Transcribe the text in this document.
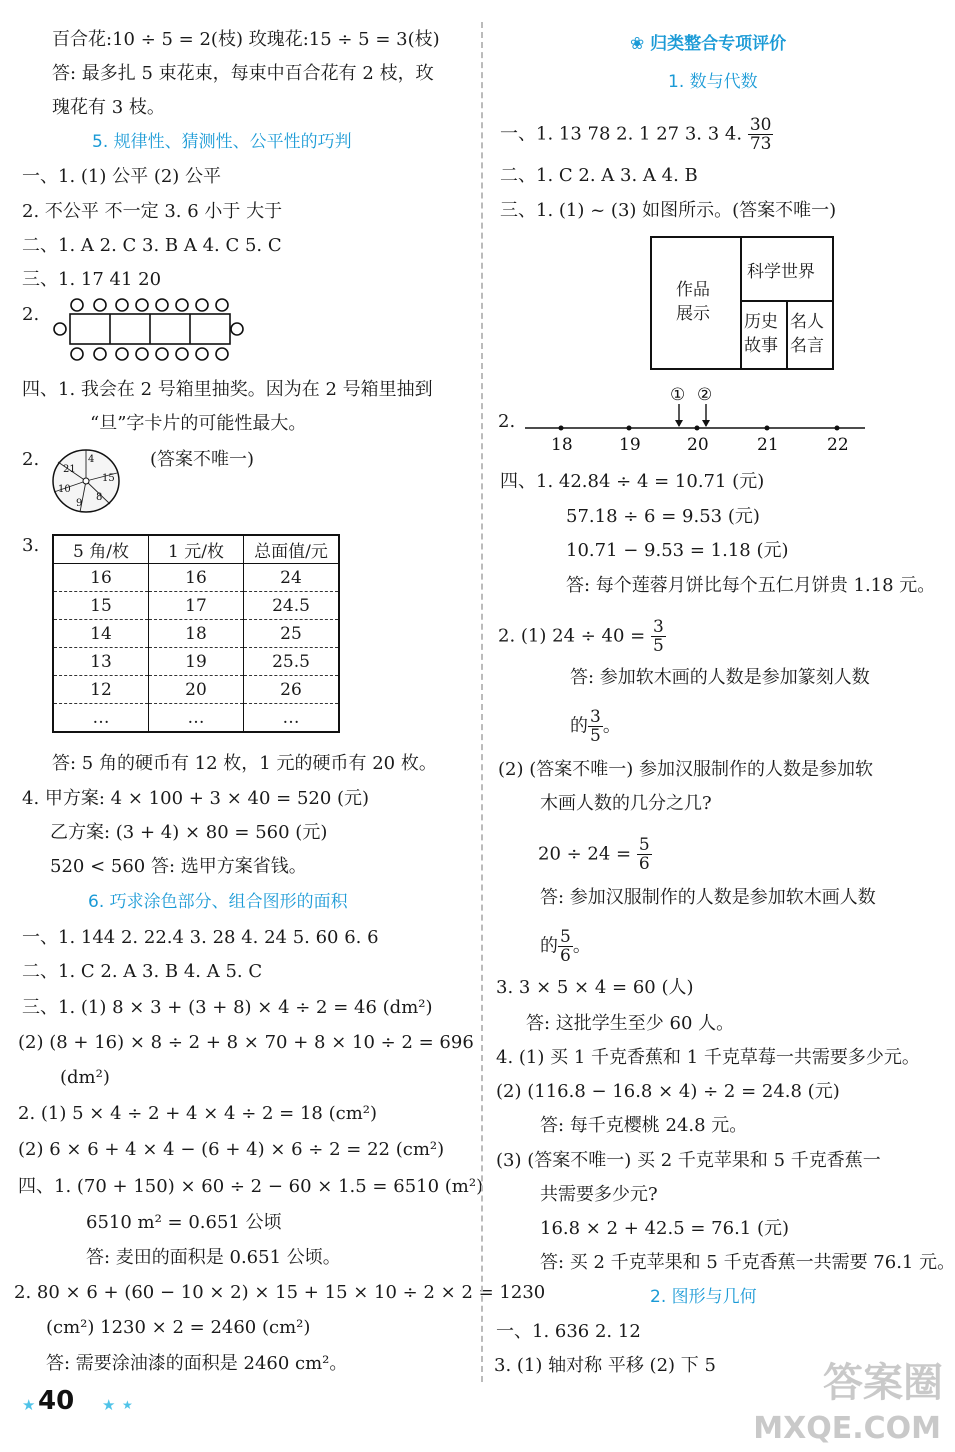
百合花:10 ÷ 5 = 2(枝) 玫瑰花:15 ÷ 5 = 3(枝)
答: 最多扎 5 束花束，每束中百合花有 2 枝，玫
瑰花有 3 枝。
5. 规律性、猜测性、公平性的巧判
一、1. (1) 公平 (2) 公平
2. 不公平 不一定 3. 6 小于 大于
二、1. A 2. C 3. B A 4. C 5. C
三、1. 17 41 20
2.
四、1. 我会在 2 号箱里抽奖。因为在 2 号箱里抽到
“旦”字卡片的可能性最大。
2.	(答案不唯一)
4
15
8
9
10
21
3. 5 角/枚	1 元/枚	总面值/元
16	16	24
15	17	24.5
14	18	25
13	19	25.5
12	20	26
…	…	…
答: 5 角的硬币有 12 枚，1 元的硬币有 20 枚。
4. 甲方案: 4 × 100 + 3 × 40 = 520 (元)
乙方案: (3 + 4) × 80 = 560 (元)
520 < 560 答: 选甲方案省钱。
6. 巧求涂色部分、组合图形的面积
一、1. 144 2. 22.4 3. 28 4. 24 5. 60 6. 6
二、1. C 2. A 3. B 4. A 5. C
三、1. (1) 8 × 3 + (3 + 8) × 4 ÷ 2 = 46 (dm²)
(2) (8 + 16) × 8 ÷ 2 + 8 × 70 + 8 × 10 ÷ 2 = 696
(dm²)
2. (1) 5 × 4 ÷ 2 + 4 × 4 ÷ 2 = 18 (cm²)
(2) 6 × 6 + 4 × 4 − (6 + 4) × 6 ÷ 2 = 22 (cm²)
四、1. (70 + 150) × 60 ÷ 2 − 60 × 1.5 = 6510 (m²)
6510 m² = 0.651 公顷
答: 麦田的面积是 0.651 公顷。
2. 80 × 6 + (60 − 10 × 2) × 15 + 15 × 10 ÷ 2 × 2 = 1230
(cm²) 1230 × 2 = 2460 (cm²)
答: 需要涂油漆的面积是 2460 cm²。
★ 40 ★ ★
❀ 归类整合专项评价
1. 数与代数
一、1. 13 78 2. 1 27 3. 3 4. $\frac{30}{73}$
二、1. C 2. A 3. A 4. B
三、1. (1) ~ (3) 如图所示。(答案不唯一)
作品
展示
科学世界
历史
故事
名人
名言
2.
① ②
18	19	20	21	22
四、1. 42.84 ÷ 4 = 10.71 (元)
57.18 ÷ 6 = 9.53 (元)
10.71 − 9.53 = 1.18 (元)
答: 每个莲蓉月饼比每个五仁月饼贵 1.18 元。
2. (1) $24 \div 40 = \frac{3}{5}$
答: 参加软木画的人数是参加篆刻人数
的 $\frac{3}{5}$ 。
(2) (答案不唯一) 参加汉服制作的人数是参加软
木画人数的几分之几?
$20 \div 24 = \frac{5}{6}$
答: 参加汉服制作的人数是参加软木画人数
的 $\frac{5}{6}$ 。
3. 3 × 5 × 4 = 60 (人)
答: 这批学生至少 60 人。
4. (1) 买 1 千克香蕉和 1 千克草莓一共需要多少元。
(2) (116.8 − 16.8 × 4) ÷ 2 = 24.8 (元)
答: 每千克樱桃 24.8 元。
(3) (答案不唯一) 买 2 千克苹果和 5 千克香蕉一
共需要多少元?
16.8 × 2 + 42.5 = 76.1 (元)
答: 买 2 千克苹果和 5 千克香蕉一共需要 76.1 元。
2. 图形与几何
一、1. 636 2. 12
3. (1) 轴对称 平移 (2) 下 5	答案圈
MXQE.COM
